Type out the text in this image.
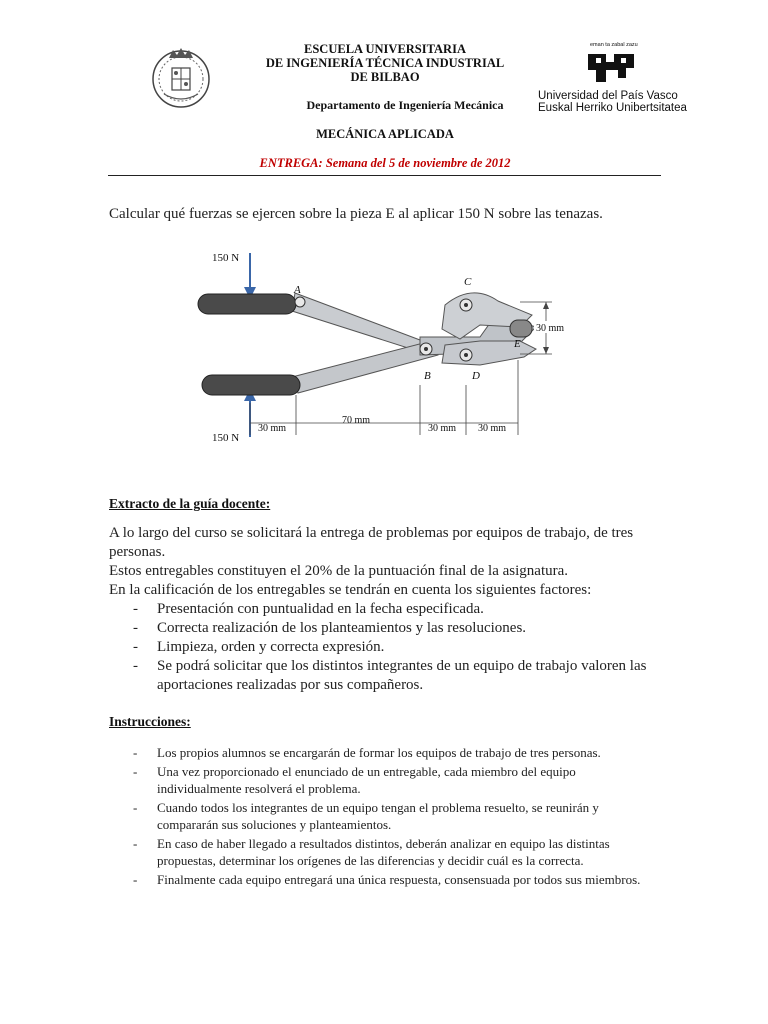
ESCUELA UNIVERSITARIA
DE INGENIERÍA TÉCNICA INDUSTRIAL
DE BILBAO
Departamento de Ingeniería Mecánica
MECÁNICA APLICADA
ENTREGA: Semana del 5 de noviembre de 2012
eman ta zabal zazu
Universidad del País Vasco
Euskal Herriko Unibertsitatea
Calcular qué fuerzas se ejercen sobre la pieza E al aplicar 150 N sobre las tenazas.
150 N
150 N
A
B
C
D
E
30 mm
30 mm
70 mm
30 mm 30 mm
Extracto de la guía docente:
A lo largo del curso se solicitará la entrega de problemas por equipos de trabajo, de tres personas.
Estos entregables constituyen el 20% de la puntuación final de la asignatura.
En la calificación de los entregables se tendrán en cuenta los siguientes factores:
- Presentación con puntualidad en la fecha especificada.
- Correcta realización de los planteamientos y las resoluciones.
- Limpieza, orden y correcta expresión.
- Se podrá solicitar que los distintos integrantes de un equipo de trabajo valoren las aportaciones realizadas por sus compañeros.
Instrucciones:
- Los propios alumnos se encargarán de formar los equipos de trabajo de tres personas.
- Una vez proporcionado el enunciado de un entregable, cada miembro del equipo individualmente resolverá el problema.
- Cuando todos los integrantes de un equipo tengan el problema resuelto, se reunirán y compararán sus soluciones y planteamientos.
- En caso de haber llegado a resultados distintos, deberán analizar en equipo las distintas propuestas, determinar los orígenes de las diferencias y decidir cuál es la correcta.
- Finalmente cada equipo entregará una única respuesta, consensuada por todos sus miembros.
